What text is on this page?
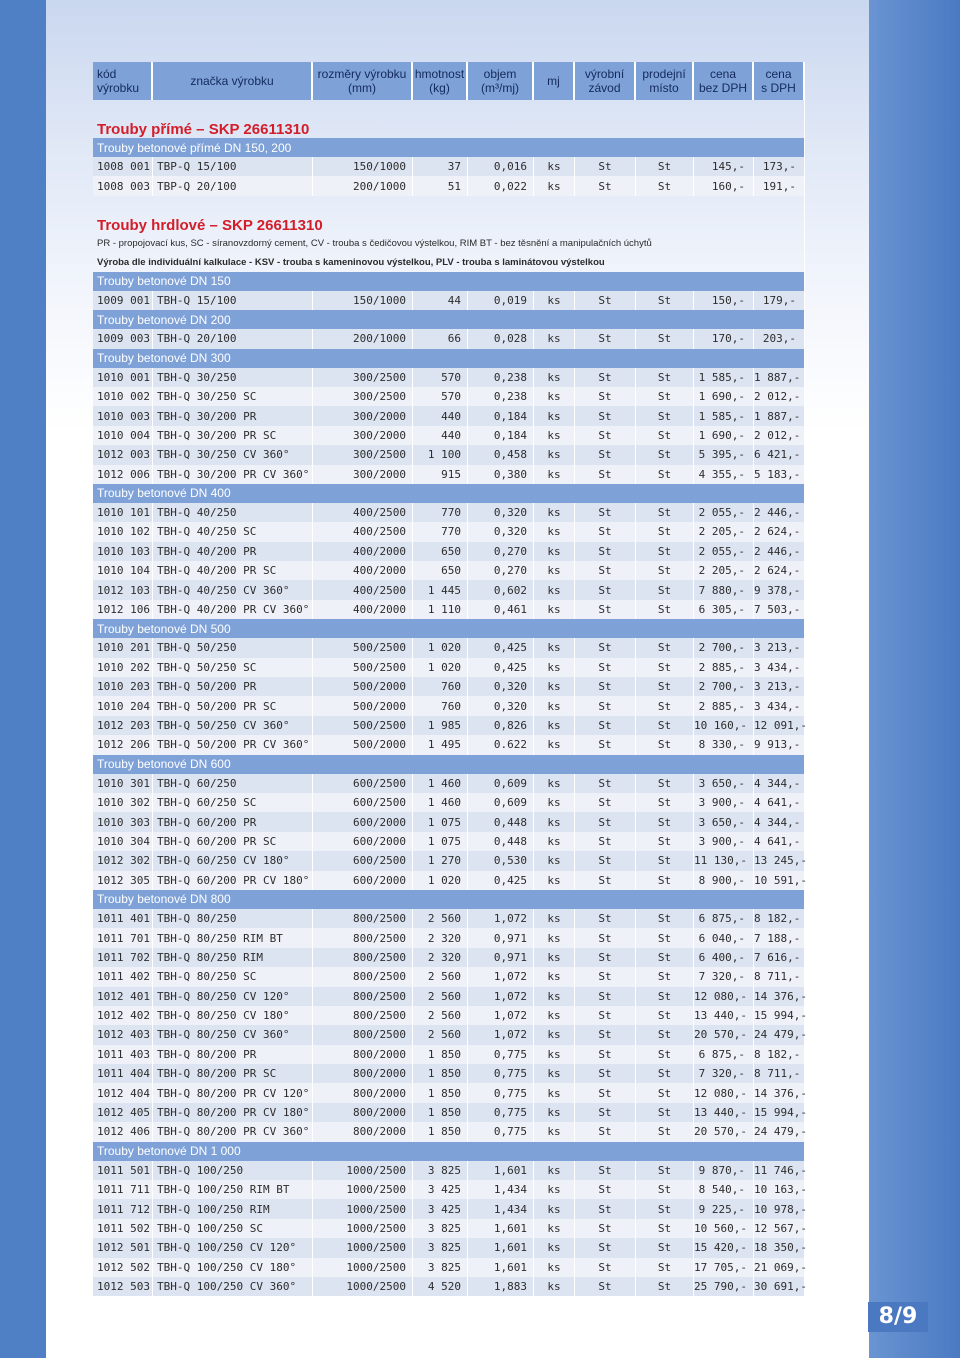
kód	značka výrobku	rozměry výrobku	hmotnost	objem	mj	výrobní	prodejní	cena	cena
výrobku		(mm)	(kg)	(m³/mj)		závod	místo	bez DPH	s DPH

Trouby přímé – SKP 26611310									
Trouby betonové přímé DN 150, 200									
1008 001	TBP-Q 15/100	150/1000	37	0,016	ks	St	St	145,-	173,-
1008 003	TBP-Q 20/100	200/1000	51	0,022	ks	St	St	160,-	191,-

Trouby hrdlové – SKP 26611310									
PR - propojovací kus, SC - síranovzdorný cement, CV - trouba s čedičovou výstelkou, RIM BT - bez těsnění a manipulačních úchytů									
Výroba dle individuální kalkulace - KSV - trouba s kameninovou výstelkou, PLV - trouba s laminátovou výstelkou									
Trouby betonové DN 150									
1009 001	TBH-Q 15/100	150/1000	44	0,019	ks	St	St	150,-	179,-
Trouby betonové DN 200									
1009 003	TBH-Q 20/100	200/1000	66	0,028	ks	St	St	170,-	203,-
Trouby betonové DN 300									
1010 001	TBH-Q 30/250	300/2500	570	0,238	ks	St	St	1 585,-	1 887,-
1010 002	TBH-Q 30/250 SC	300/2500	570	0,238	ks	St	St	1 690,-	2 012,-
1010 003	TBH-Q 30/200 PR	300/2000	440	0,184	ks	St	St	1 585,-	1 887,-
1010 004	TBH-Q 30/200 PR SC	300/2000	440	0,184	ks	St	St	1 690,-	2 012,-
1012 003	TBH-Q 30/250 CV 360°	300/2500	1 100	0,458	ks	St	St	5 395,-	6 421,-
1012 006	TBH-Q 30/200 PR CV 360°	300/2000	915	0,380	ks	St	St	4 355,-	5 183,-
Trouby betonové DN 400									
1010 101	TBH-Q 40/250	400/2500	770	0,320	ks	St	St	2 055,-	2 446,-
1010 102	TBH-Q 40/250 SC	400/2500	770	0,320	ks	St	St	2 205,-	2 624,-
1010 103	TBH-Q 40/200 PR	400/2000	650	0,270	ks	St	St	2 055,-	2 446,-
1010 104	TBH-Q 40/200 PR SC	400/2000	650	0,270	ks	St	St	2 205,-	2 624,-
1012 103	TBH-Q 40/250 CV 360°	400/2500	1 445	0,602	ks	St	St	7 880,-	9 378,-
1012 106	TBH-Q 40/200 PR CV 360°	400/2000	1 110	0,461	ks	St	St	6 305,-	7 503,-
Trouby betonové DN 500									
1010 201	TBH-Q 50/250	500/2500	1 020	0,425	ks	St	St	2 700,-	3 213,-
1010 202	TBH-Q 50/250 SC	500/2500	1 020	0,425	ks	St	St	2 885,-	3 434,-
1010 203	TBH-Q 50/200 PR	500/2000	760	0,320	ks	St	St	2 700,-	3 213,-
1010 204	TBH-Q 50/200 PR SC	500/2000	760	0,320	ks	St	St	2 885,-	3 434,-
1012 203	TBH-Q 50/250 CV 360°	500/2500	1 985	0,826	ks	St	St	10 160,-	12 091,-
1012 206	TBH-Q 50/200 PR CV 360°	500/2000	1 495	0.622	ks	St	St	8 330,-	9 913,-
Trouby betonové DN 600									
1010 301	TBH-Q 60/250	600/2500	1 460	0,609	ks	St	St	3 650,-	4 344,-
1010 302	TBH-Q 60/250 SC	600/2500	1 460	0,609	ks	St	St	3 900,-	4 641,-
1010 303	TBH-Q 60/200 PR	600/2000	1 075	0,448	ks	St	St	3 650,-	4 344,-
1010 304	TBH-Q 60/200 PR SC	600/2000	1 075	0,448	ks	St	St	3 900,-	4 641,-
1012 302	TBH-Q 60/250 CV 180°	600/2500	1 270	0,530	ks	St	St	11 130,-	13 245,-
1012 305	TBH-Q 60/200 PR CV 180°	600/2000	1 020	0,425	ks	St	St	8 900,-	10 591,-
Trouby betonové DN 800									
1011 401	TBH-Q 80/250	800/2500	2 560	1,072	ks	St	St	6 875,-	8 182,-
1011 701	TBH-Q 80/250 RIM BT	800/2500	2 320	0,971	ks	St	St	6 040,-	7 188,-
1011 702	TBH-Q 80/250 RIM	800/2500	2 320	0,971	ks	St	St	6 400,-	7 616,-
1011 402	TBH-Q 80/250 SC	800/2500	2 560	1,072	ks	St	St	7 320,-	8 711,-
1012 401	TBH-Q 80/250 CV 120°	800/2500	2 560	1,072	ks	St	St	12 080,-	14 376,-
1012 402	TBH-Q 80/250 CV 180°	800/2500	2 560	1,072	ks	St	St	13 440,-	15 994,-
1012 403	TBH-Q 80/250 CV 360°	800/2500	2 560	1,072	ks	St	St	20 570,-	24 479,-
1011 403	TBH-Q 80/200 PR	800/2000	1 850	0,775	ks	St	St	6 875,-	8 182,-
1011 404	TBH-Q 80/200 PR SC	800/2000	1 850	0,775	ks	St	St	7 320,-	8 711,-
1012 404	TBH-Q 80/200 PR CV 120°	800/2000	1 850	0,775	ks	St	St	12 080,-	14 376,-
1012 405	TBH-Q 80/200 PR CV 180°	800/2000	1 850	0,775	ks	St	St	13 440,-	15 994,-
1012 406	TBH-Q 80/200 PR CV 360°	800/2000	1 850	0,775	ks	St	St	20 570,-	24 479,-
Trouby betonové DN 1 000									
1011 501	TBH-Q 100/250	1000/2500	3 825	1,601	ks	St	St	9 870,-	11 746,-
1011 711	TBH-Q 100/250 RIM BT	1000/2500	3 425	1,434	ks	St	St	8 540,-	10 163,-
1011 712	TBH-Q 100/250 RIM	1000/2500	3 425	1,434	ks	St	St	9 225,-	10 978,-
1011 502	TBH-Q 100/250 SC	1000/2500	3 825	1,601	ks	St	St	10 560,-	12 567,-
1012 501	TBH-Q 100/250 CV 120°	1000/2500	3 825	1,601	ks	St	St	15 420,-	18 350,-
1012 502	TBH-Q 100/250 CV 180°	1000/2500	3 825	1,601	ks	St	St	17 705,-	21 069,-
1012 503	TBH-Q 100/250 CV 360°	1000/2500	4 520	1,883	ks	St	St	25 790,-	30 691,-
8/9
